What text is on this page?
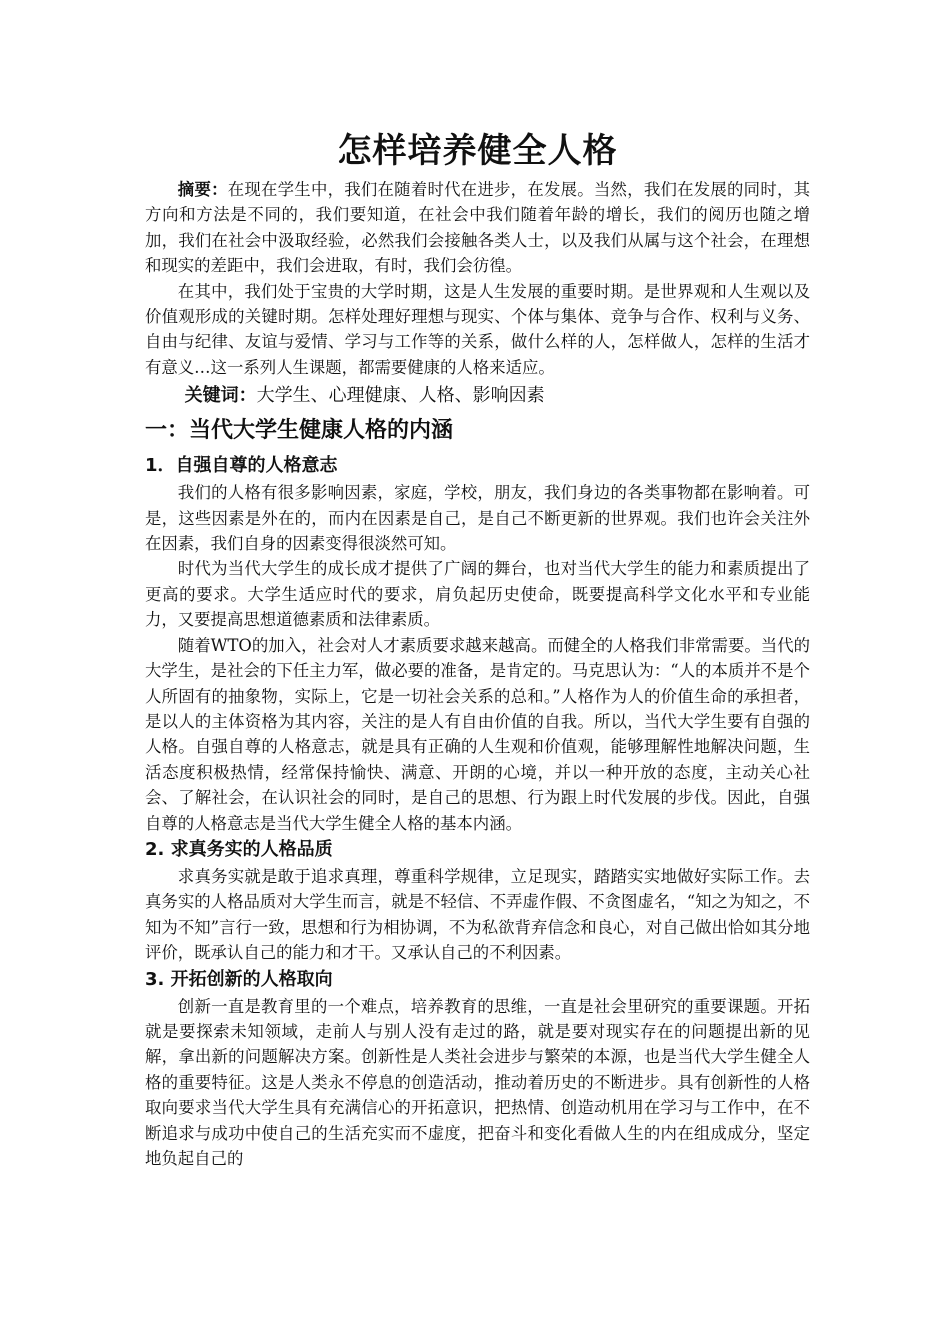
怎样培养健全人格

摘要：在现在学生中，我们在随着时代在进步，在发展。当然，我们在发展的同时，其方向和方法是不同的，我们要知道，在社会中我们随着年龄的增长，我们的阅历也随之增加，我们在社会中汲取经验，必然我们会接触各类人士，以及我们从属与这个社会，在理想和现实的差距中，我们会进取，有时，我们会彷徨。

在其中，我们处于宝贵的大学时期，这是人生发展的重要时期。是世界观和人生观以及价值观形成的关键时期。怎样处理好理想与现实、个体与集体、竞争与合作、权利与义务、自由与纪律、友谊与爱情、学习与工作等的关系，做什么样的人，怎样做人，怎样的生活才有意义…这一系列人生课题，都需要健康的人格来适应。

关键词：大学生、心理健康、人格、影响因素

一：当代大学生健康人格的内涵
1．自强自尊的人格意志

我们的人格有很多影响因素，家庭，学校，朋友，我们身边的各类事物都在影响着。可是，这些因素是外在的，而内在因素是自己，是自己不断更新的世界观。我们也许会关注外在因素，我们自身的因素变得很淡然可知。

时代为当代大学生的成长成才提供了广阔的舞台，也对当代大学生的能力和素质提出了更高的要求。大学生适应时代的要求，肩负起历史使命，既要提高科学文化水平和专业能力，又要提高思想道德素质和法律素质。

随着WTO的加入，社会对人才素质要求越来越高。而健全的人格我们非常需要。当代的大学生，是社会的下任主力军，做必要的准备，是肯定的。马克思认为：“人的本质并不是个人所固有的抽象物，实际上，它是一切社会关系的总和。”人格作为人的价值生命的承担者，是以人的主体资格为其内容，关注的是人有自由价值的自我。所以，当代大学生要有自强的人格。自强自尊的人格意志，就是具有正确的人生观和价值观，能够理解性地解决问题，生活态度积极热情，经常保持愉快、满意、开朗的心境，并以一种开放的态度，主动关心社会、了解社会，在认识社会的同时，是自己的思想、行为跟上时代发展的步伐。因此，自强自尊的人格意志是当代大学生健全人格的基本内涵。

2. 求真务实的人格品质

求真务实就是敢于追求真理，尊重科学规律，立足现实，踏踏实实地做好实际工作。去真务实的人格品质对大学生而言，就是不轻信、不弄虚作假、不贪图虚名，“知之为知之，不知为不知”言行一致，思想和行为相协调，不为私欲背弃信念和良心，对自己做出恰如其分地评价，既承认自己的能力和才干。又承认自己的不利因素。

3. 开拓创新的人格取向

创新一直是教育里的一个难点，培养教育的思维，一直是社会里研究的重要课题。开拓就是要探索未知领域，走前人与别人没有走过的路，就是要对现实存在的问题提出新的见解，拿出新的问题解决方案。创新性是人类社会进步与繁荣的本源，也是当代大学生健全人格的重要特征。这是人类永不停息的创造活动，推动着历史的不断进步。具有创新性的人格取向要求当代大学生具有充满信心的开拓意识，把热情、创造动机用在学习与工作中，在不断追求与成功中使自己的生活充实而不虚度，把奋斗和变化看做人生的内在组成成分，坚定地负起自己的
